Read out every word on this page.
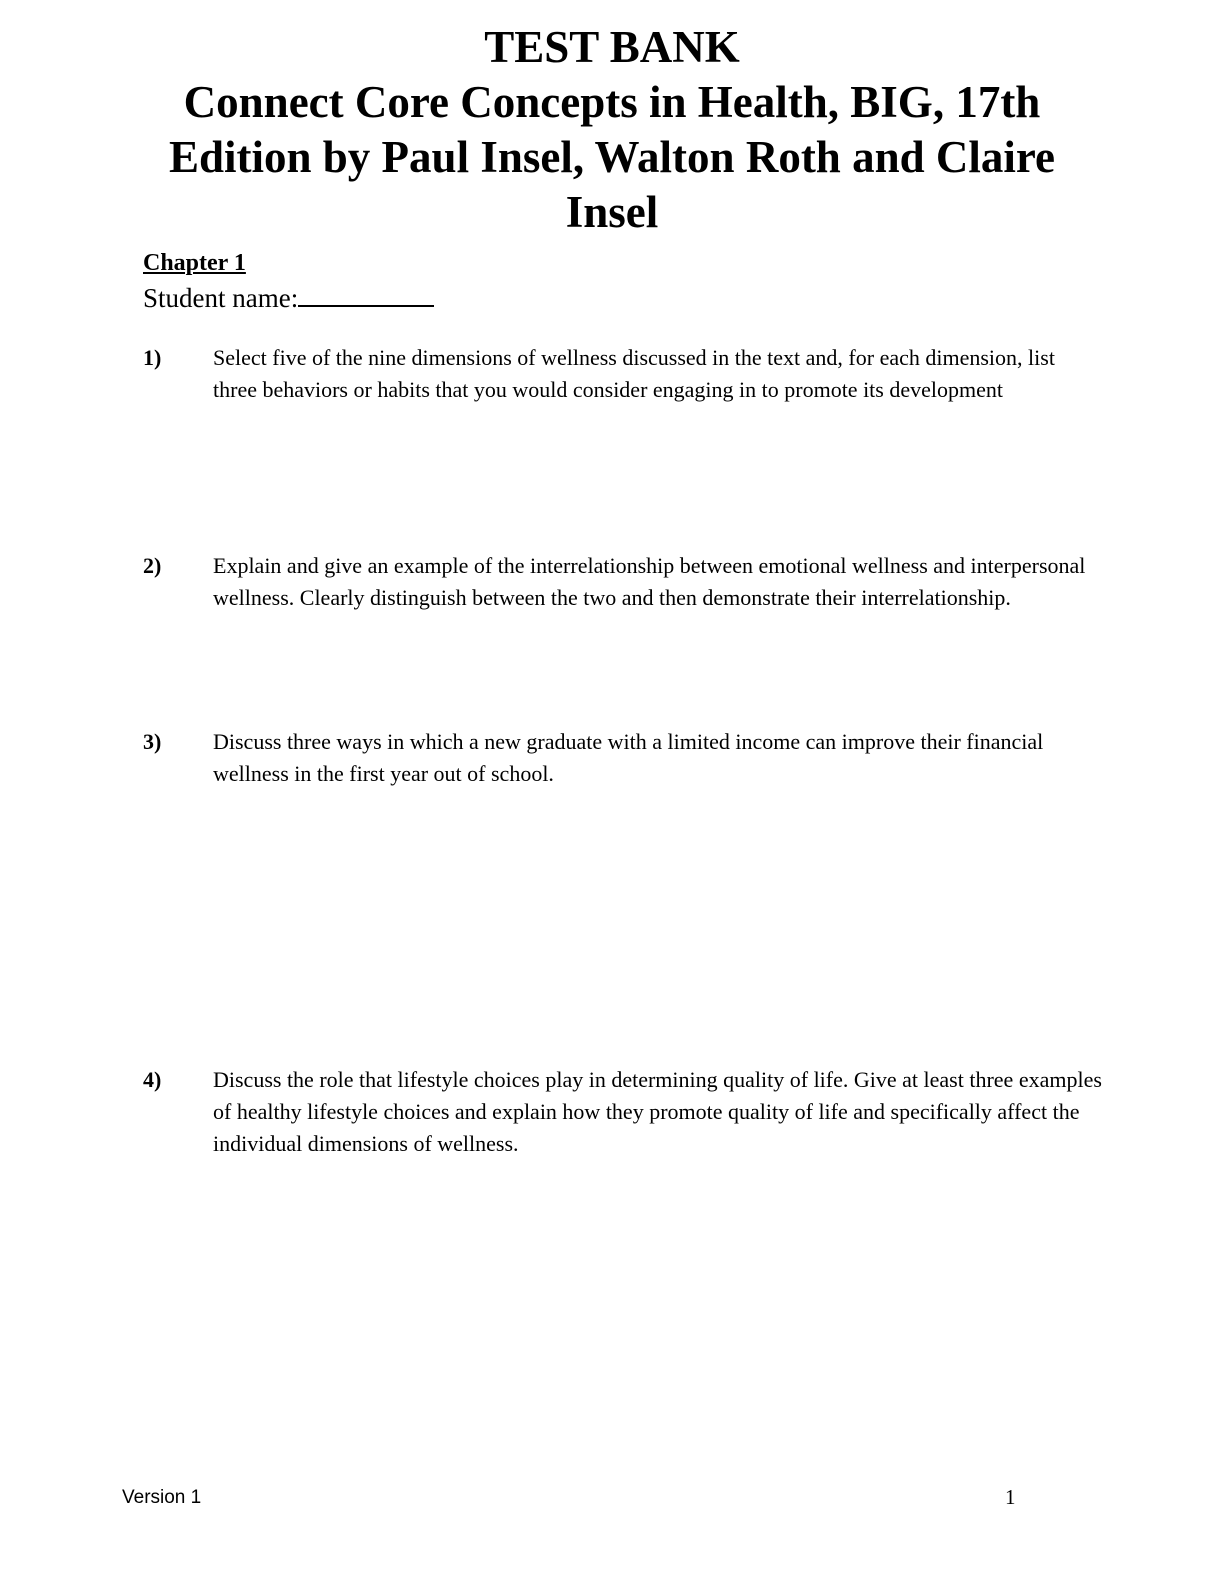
TEST BANK
Connect Core Concepts in Health, BIG, 17th Edition by Paul Insel, Walton Roth and Claire Insel
Chapter 1
Student name:
1) Select five of the nine dimensions of wellness discussed in the text and, for each dimension, list three behaviors or habits that you would consider engaging in to promote its development
2) Explain and give an example of the interrelationship between emotional wellness and interpersonal wellness. Clearly distinguish between the two and then demonstrate their interrelationship.
3) Discuss three ways in which a new graduate with a limited income can improve their financial wellness in the first year out of school.
4) Discuss the role that lifestyle choices play in determining quality of life. Give at least three examples of healthy lifestyle choices and explain how they promote quality of life and specifically affect the individual dimensions of wellness.
Version 1	1
